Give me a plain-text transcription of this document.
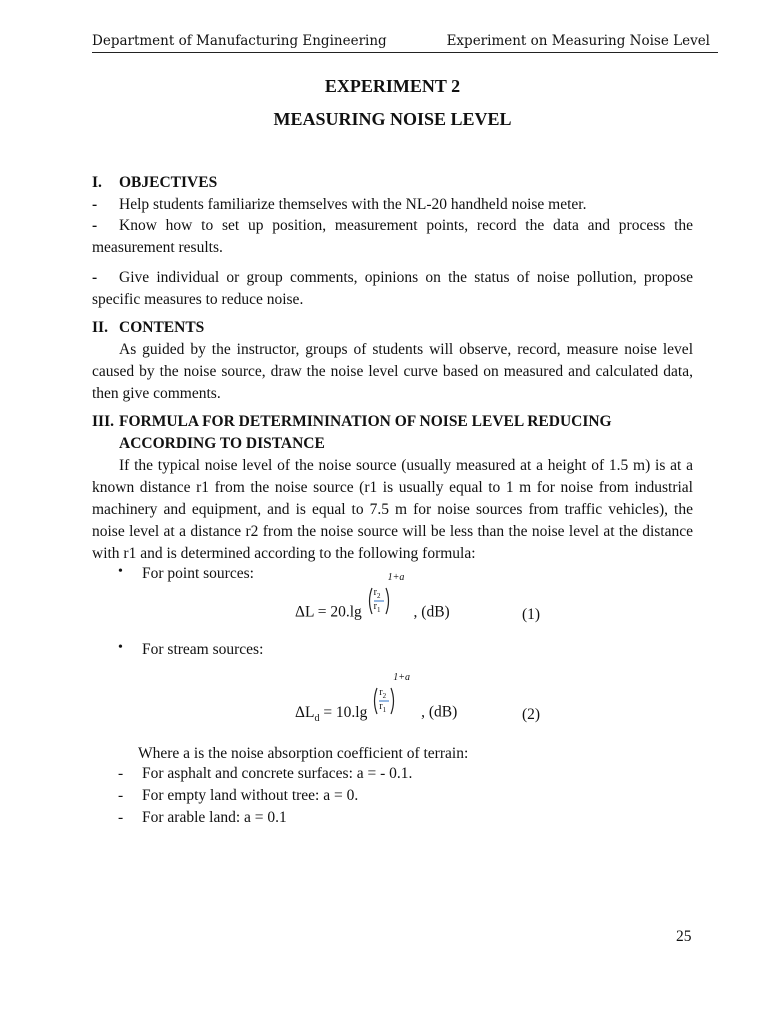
Department of Manufacturing Engineering	Experiment on Measuring Noise Level
EXPERIMENT 2
MEASURING NOISE LEVEL
I. OBJECTIVES
- Help students familiarize themselves with the NL-20 handheld noise meter.
- Know how to set up position, measurement points, record the data and process the measurement results.
- Give individual or group comments, opinions on the status of noise pollution, propose specific measures to reduce noise.
II. CONTENTS
As guided by the instructor, groups of students will observe, record, measure noise level caused by the noise source, draw the noise level curve based on measured and calculated data, then give comments.
III. FORMULA FOR DETERMININATION OF NOISE LEVEL REDUCING
ACCORDING TO DISTANCE
If the typical noise level of the noise source (usually measured at a height of 1.5 m) is at a known distance r1 from the noise source (r1 is usually equal to 1 m for noise from industrial machinery and equipment, and is equal to 7.5 m for noise sources from traffic vehicles), the noise level at a distance r2 from the noise source will be less than the noise level at the distance with r1 and is determined according to the following formula:
• For point sources:
ΔL = 20.lg
$r_2$
$r_1$
1+a
, (dB)	(1)
• For stream sources:
$\Delta L_d = 10.\lg$
$r_2$
$r_1$
1+a
, (dB)	(2)
Where a is the noise absorption coefficient of terrain:
- For asphalt and concrete surfaces: a = - 0.1.
- For empty land without tree: a = 0.
- For arable land: a = 0.1
25
